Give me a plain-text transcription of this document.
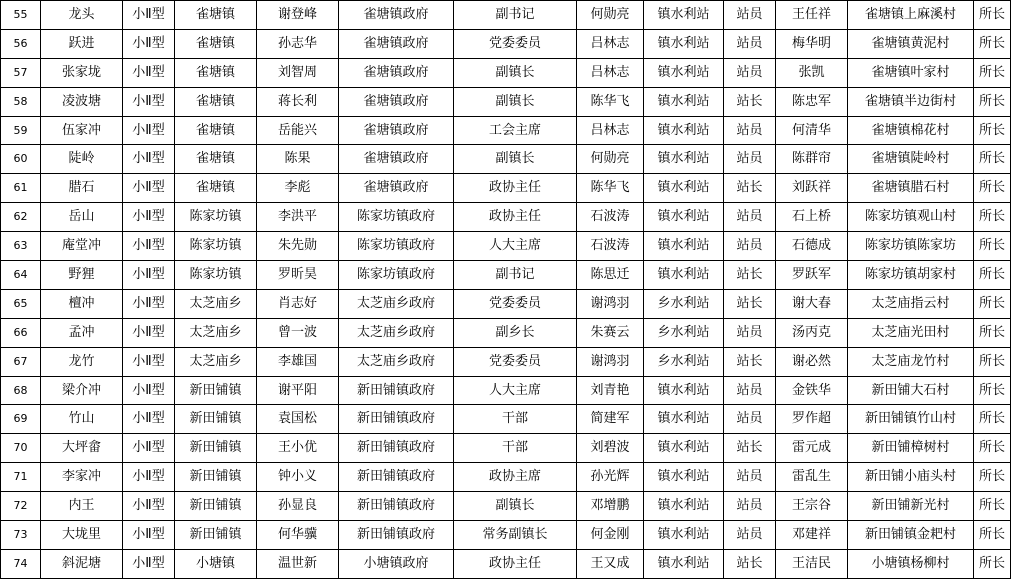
55	龙头	小Ⅱ型	雀塘镇	谢登峰	雀塘镇政府	副书记	何勋亮	镇水利站	站员	王任祥	雀塘镇上麻溪村	所长
56	跃进	小Ⅱ型	雀塘镇	孙志华	雀塘镇政府	党委委员	吕林志	镇水利站	站员	梅华明	雀塘镇黄泥村	所长
57	张家垅	小Ⅱ型	雀塘镇	刘智周	雀塘镇政府	副镇长	吕林志	镇水利站	站员	张凯	雀塘镇叶家村	所长
58	凌波塘	小Ⅱ型	雀塘镇	蒋长利	雀塘镇政府	副镇长	陈华飞	镇水利站	站长	陈忠军	雀塘镇半边街村	所长
59	伍家冲	小Ⅱ型	雀塘镇	岳能兴	雀塘镇政府	工会主席	吕林志	镇水利站	站员	何清华	雀塘镇棉花村	所长
60	陡岭	小Ⅱ型	雀塘镇	陈果	雀塘镇政府	副镇长	何勋亮	镇水利站	站员	陈群帘	雀塘镇陡岭村	所长
61	腊石	小Ⅱ型	雀塘镇	李彪	雀塘镇政府	政协主任	陈华飞	镇水利站	站长	刘跃祥	雀塘镇腊石村	所长
62	岳山	小Ⅱ型	陈家坊镇	李洪平	陈家坊镇政府	政协主任	石波涛	镇水利站	站员	石上桥	陈家坊镇观山村	所长
63	庵堂冲	小Ⅱ型	陈家坊镇	朱先勋	陈家坊镇政府	人大主席	石波涛	镇水利站	站员	石德成	陈家坊镇陈家坊	所长
64	野狸	小Ⅱ型	陈家坊镇	罗昕昊	陈家坊镇政府	副书记	陈思迁	镇水利站	站长	罗跃军	陈家坊镇胡家村	所长
65	檀冲	小Ⅱ型	太芝庙乡	肖志好	太芝庙乡政府	党委委员	谢鸿羽	乡水利站	站长	谢大春	太芝庙指云村	所长
66	孟冲	小Ⅱ型	太芝庙乡	曾一波	太芝庙乡政府	副乡长	朱赛云	乡水利站	站员	汤丙克	太芝庙光田村	所长
67	龙竹	小Ⅱ型	太芝庙乡	李雄国	太芝庙乡政府	党委委员	谢鸿羽	乡水利站	站长	谢必然	太芝庙龙竹村	所长
68	梁介冲	小Ⅱ型	新田铺镇	谢平阳	新田铺镇政府	人大主席	刘青艳	镇水利站	站员	金铁华	新田铺大石村	所长
69	竹山	小Ⅱ型	新田铺镇	袁国松	新田铺镇政府	干部	简建军	镇水利站	站员	罗作超	新田铺镇竹山村	所长
70	大坪畲	小Ⅱ型	新田铺镇	王小优	新田铺镇政府	干部	刘碧波	镇水利站	站长	雷元成	新田铺樟树村	所长
71	李家冲	小Ⅱ型	新田铺镇	钟小义	新田铺镇政府	政协主席	孙光辉	镇水利站	站员	雷乱生	新田铺小庙头村	所长
72	内王	小Ⅱ型	新田铺镇	孙显良	新田铺镇政府	副镇长	邓增鹏	镇水利站	站员	王宗谷	新田铺新光村	所长
73	大垅里	小Ⅱ型	新田铺镇	何华骥	新田铺镇政府	常务副镇长	何金刚	镇水利站	站员	邓建祥	新田铺镇金耙村	所长
74	斜泥塘	小Ⅱ型	小塘镇	温世新	小塘镇政府	政协主任	王又成	镇水利站	站长	王洁民	小塘镇杨柳村	所长
